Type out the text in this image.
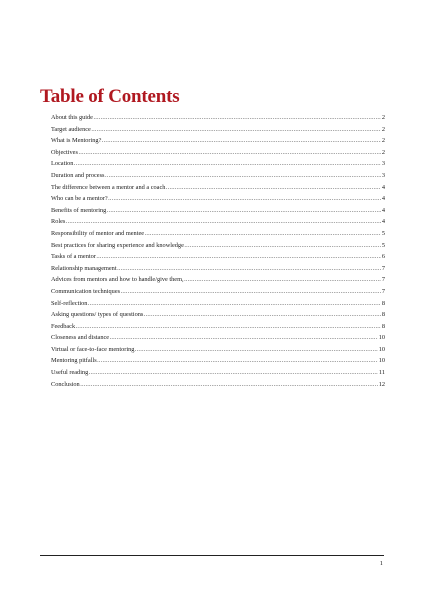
Table of Contents
About this guide .....	2
Target audience .....	2
What is Mentoring? .....	2
Objectives .....	2
Location .....	3
Duration and process .....	3
The difference between a mentor and a coach .....	4
Who can be a mentor? .....	4
Benefits of mentoring .....	4
Roles .....	4
Responsibility of mentor and mentee .....	5
Best practices for sharing experience and knowledge .....	5
Tasks of a mentor .....	6
Relationship management .....	7
Advices from mentors and how to handle/give them, .....	7
Communication techniques .....	7
Self-reflection .....	8
Asking questions/ types of questions .....	8
Feedback .....	8
Closeness and distance .....	10
Virtual or face-to-face mentoring .....	10
Mentoring pitfalls .....	10
Useful reading .....	11
Conclusion .....	12
1
